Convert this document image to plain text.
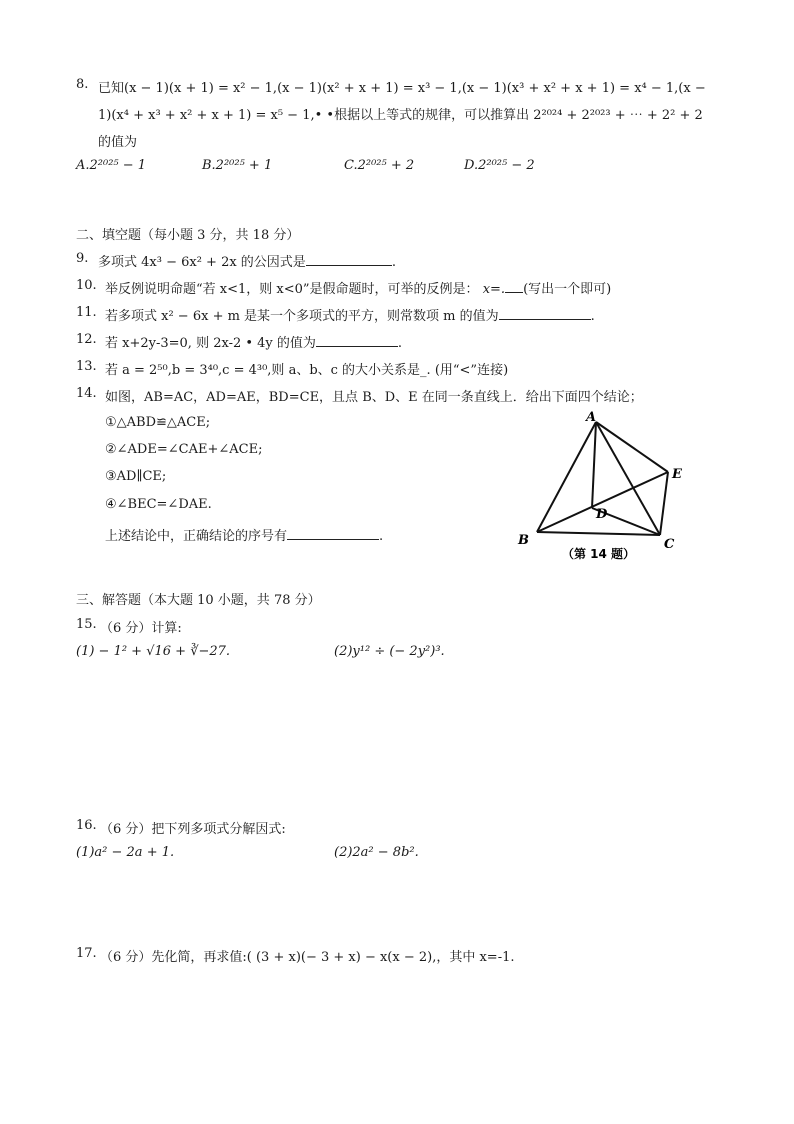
8. 已知(x − 1)(x + 1) = x² − 1,(x − 1)(x² + x + 1) = x³ − 1,(x − 1)(x³ + x² + x + 1) = x⁴ − 1,(x −
1)(x⁴ + x³ + x² + x + 1) = x⁵ − 1,• •根据以上等式的规律，可以推算出 2²⁰²⁴ + 2²⁰²³ + ⋯ + 2² + 2
的值为
A.2²⁰²⁵ − 1	B.2²⁰²⁵ + 1	C.2²⁰²⁵ + 2	D.2²⁰²⁵ − 2
二、填空题（每小题 3 分，共 18 分）
9. 多项式 4x³ − 6x² + 2x 的公因式是	.
10. 举反例说明命题“若 x<1，则 x<0”是假命题时，可举的反例是： x=. (写出一个即可)
11. 若多项式 x² − 6x + m 是某一个多项式的平方，则常数项 m 的值为	.
12. 若 x+2y-3=0, 则 2x-2 • 4y 的值为	.
13. 若 a = 2⁵⁰,b = 3⁴⁰,c = 4³⁰,则 a、b、c 的大小关系是_. (用“<”连接)
14. 如图，AB=AC，AD=AE，BD=CE，且点 B、D、E 在同一条直线上．给出下面四个结论；
①△ABD≌△ACE;
②∠ADE=∠CAE+∠ACE;
③AD∥CE;
④∠BEC=∠DAE.
上述结论中，正确结论的序号有	.
A
B	C
D
E
（第 14 题）
三、解答题（本大题 10 小题，共 78 分）
15. （6 分）计算:
(1) − 1² + √16 + ∛−27.	(2)y¹² ÷ (− 2y²)³.
16. （6 分）把下列多项式分解因式:
(1)a² − 2a + 1.	(2)2a² − 8b².
17. （6 分）先化简，再求值:( (3 + x)(− 3 + x) − x(x − 2),，其中 x=-1.
